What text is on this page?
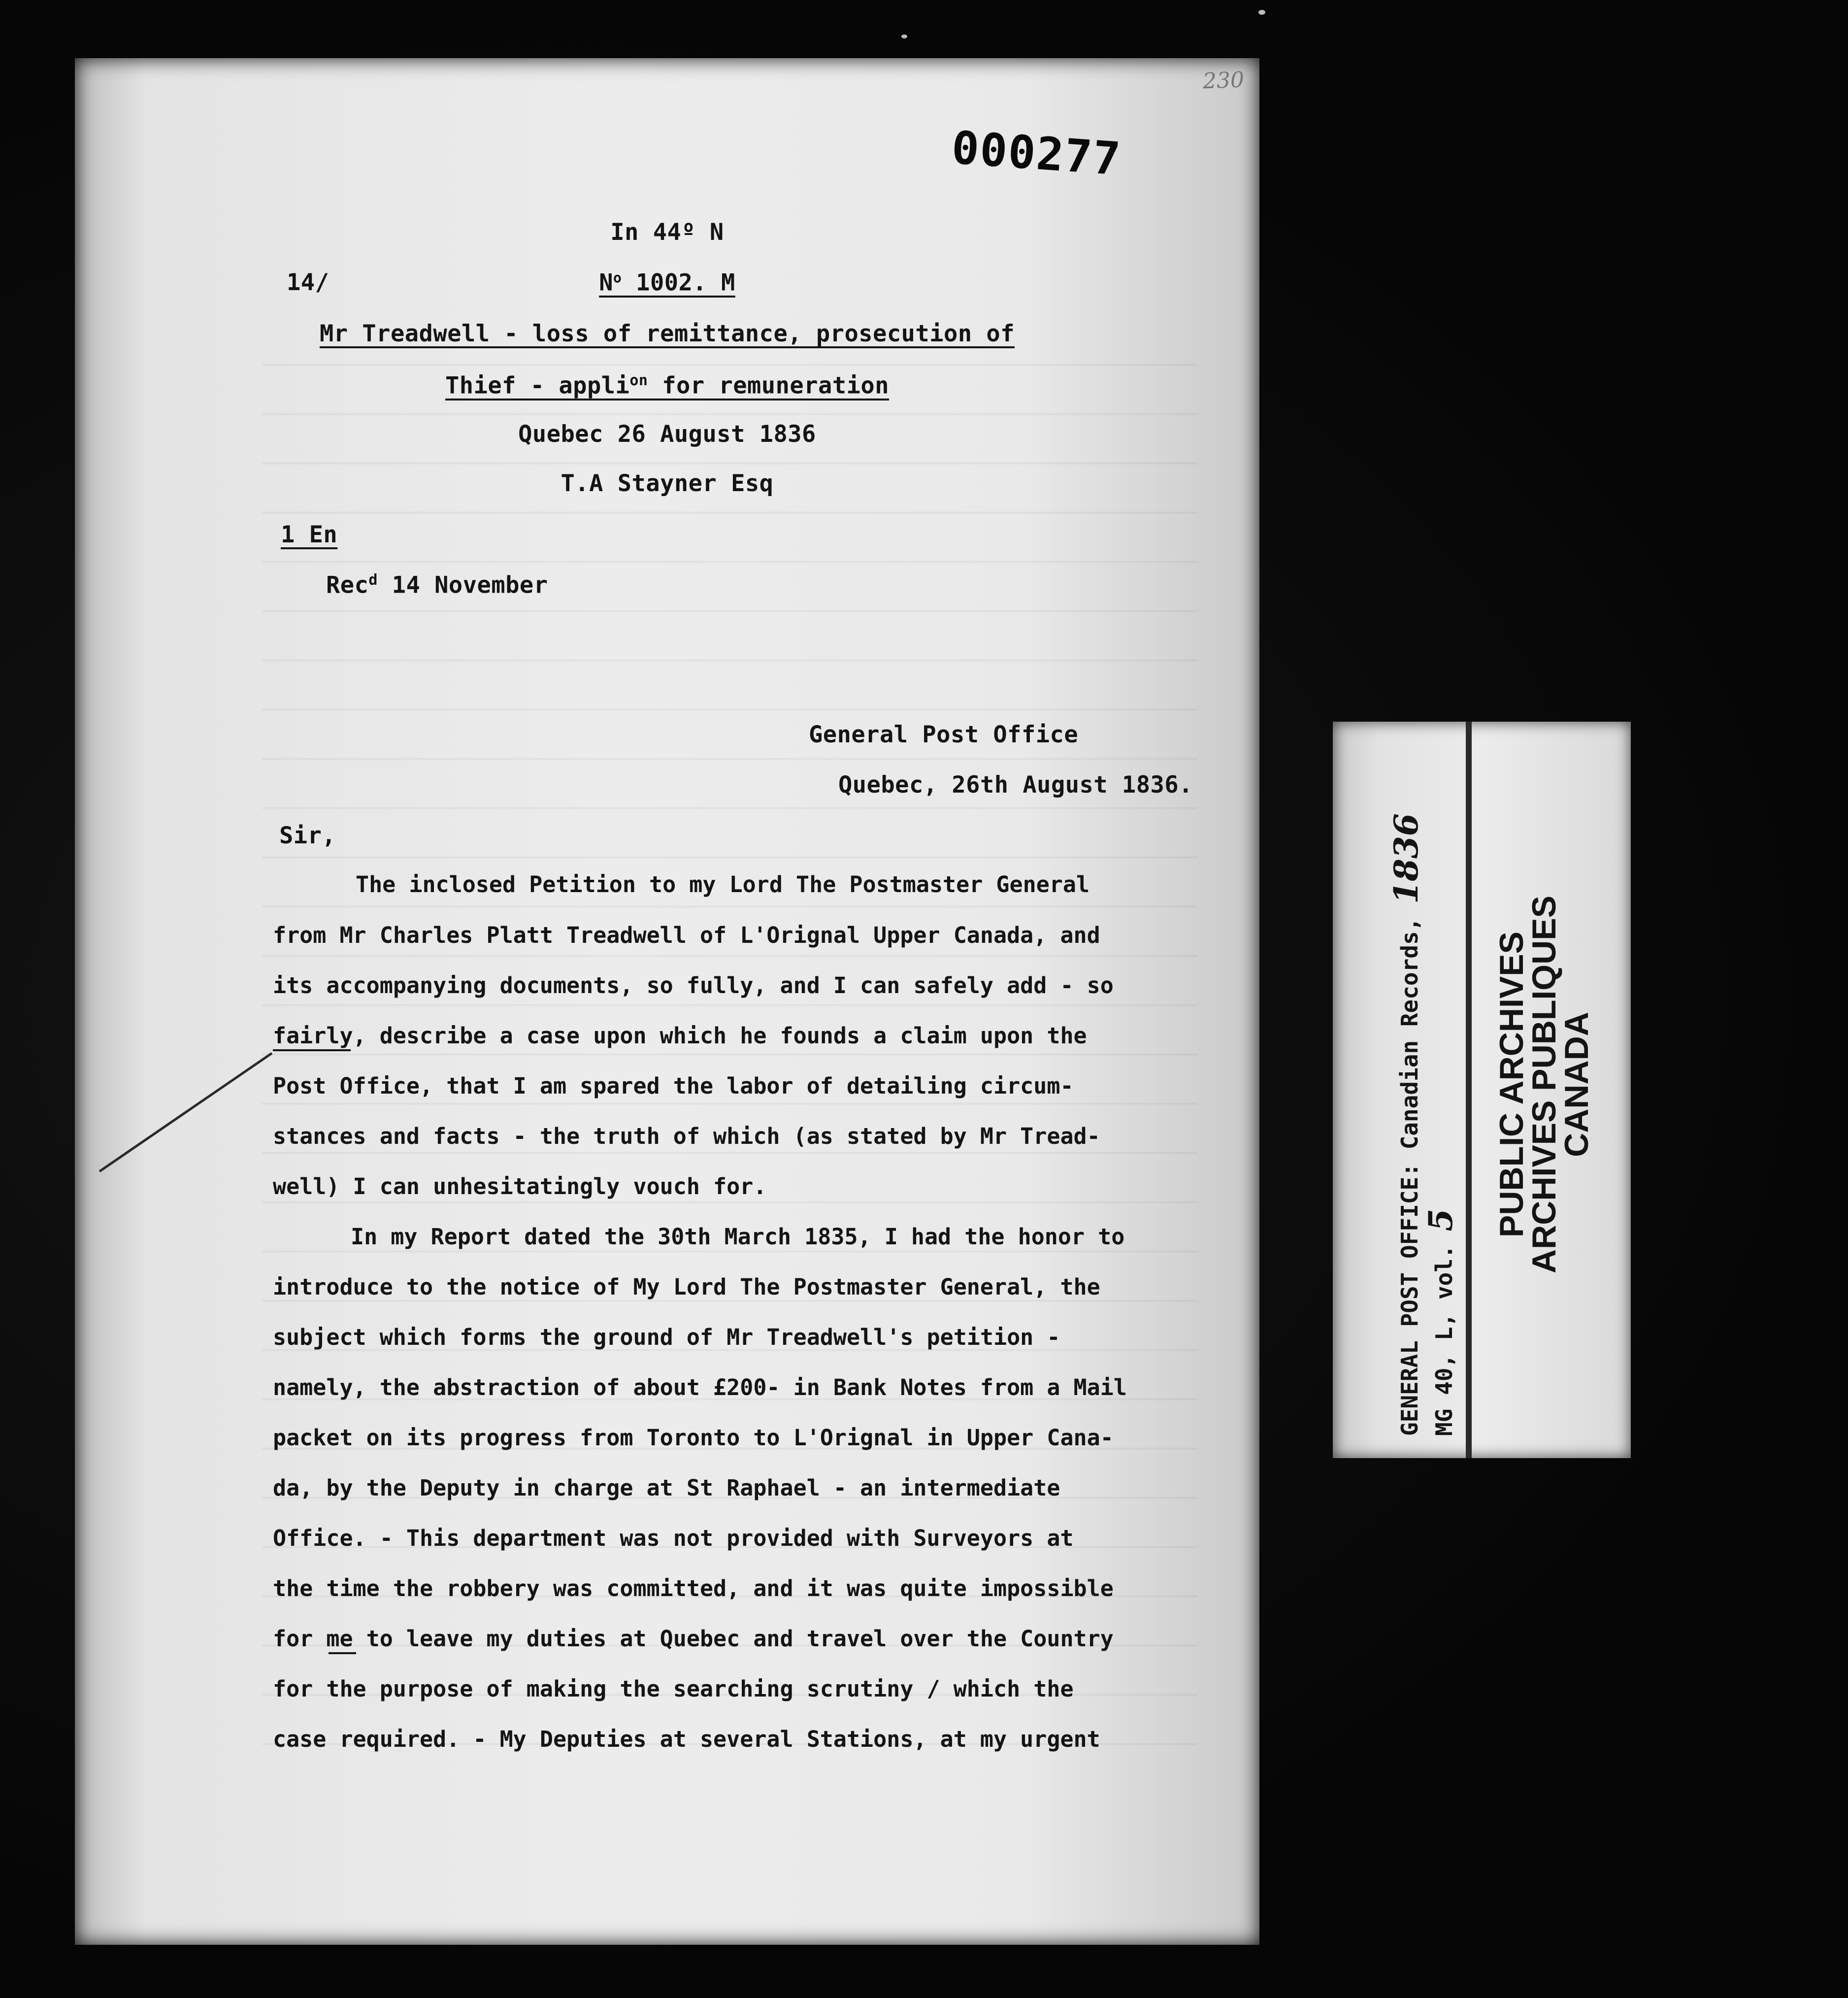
230
000277
In 44º N
14/	$N^o$ 1002. M
Mr Treadwell - loss of remittance, prosecution of
Thief - appli$^{on}$ for remuneration
Quebec 26 August 1836
T.A Stayner Esq
1 En
Rec$^d$ 14 November
General Post Office
Quebec, 26th August 1836.
Sir,
The inclosed Petition to my Lord The Postmaster General
from Mr Charles Platt Treadwell of L'Orignal Upper Canada, and
its accompanying documents, so fully, and I can safely add - so
fairly, describe a case upon which he founds a claim upon the
Post Office, that I am spared the labor of detailing circum-
stances and facts - the truth of which (as stated by Mr Tread-
well) I can unhesitatingly vouch for.
In my Report dated the 30th March 1835, I had the honor to
introduce to the notice of My Lord The Postmaster General, the
subject which forms the ground of Mr Treadwell's petition -
namely, the abstraction of about £200- in Bank Notes from a Mail
packet on its progress from Toronto to L'Orignal in Upper Cana-
da, by the Deputy in charge at St Raphael - an intermediate
Office. - This department was not provided with Surveyors at
the time the robbery was committed, and it was quite impossible
for me to leave my duties at Quebec and travel over the Country
for the purpose of making the searching scrutiny / which the
case required. - My Deputies at several Stations, at my urgent
GENERAL POST OFFICE: Canadian Records, 1836
MG 40, L, vol. 5 PUBLIC ARCHIVES
ARCHIVES PUBLIQUES
CANADA
